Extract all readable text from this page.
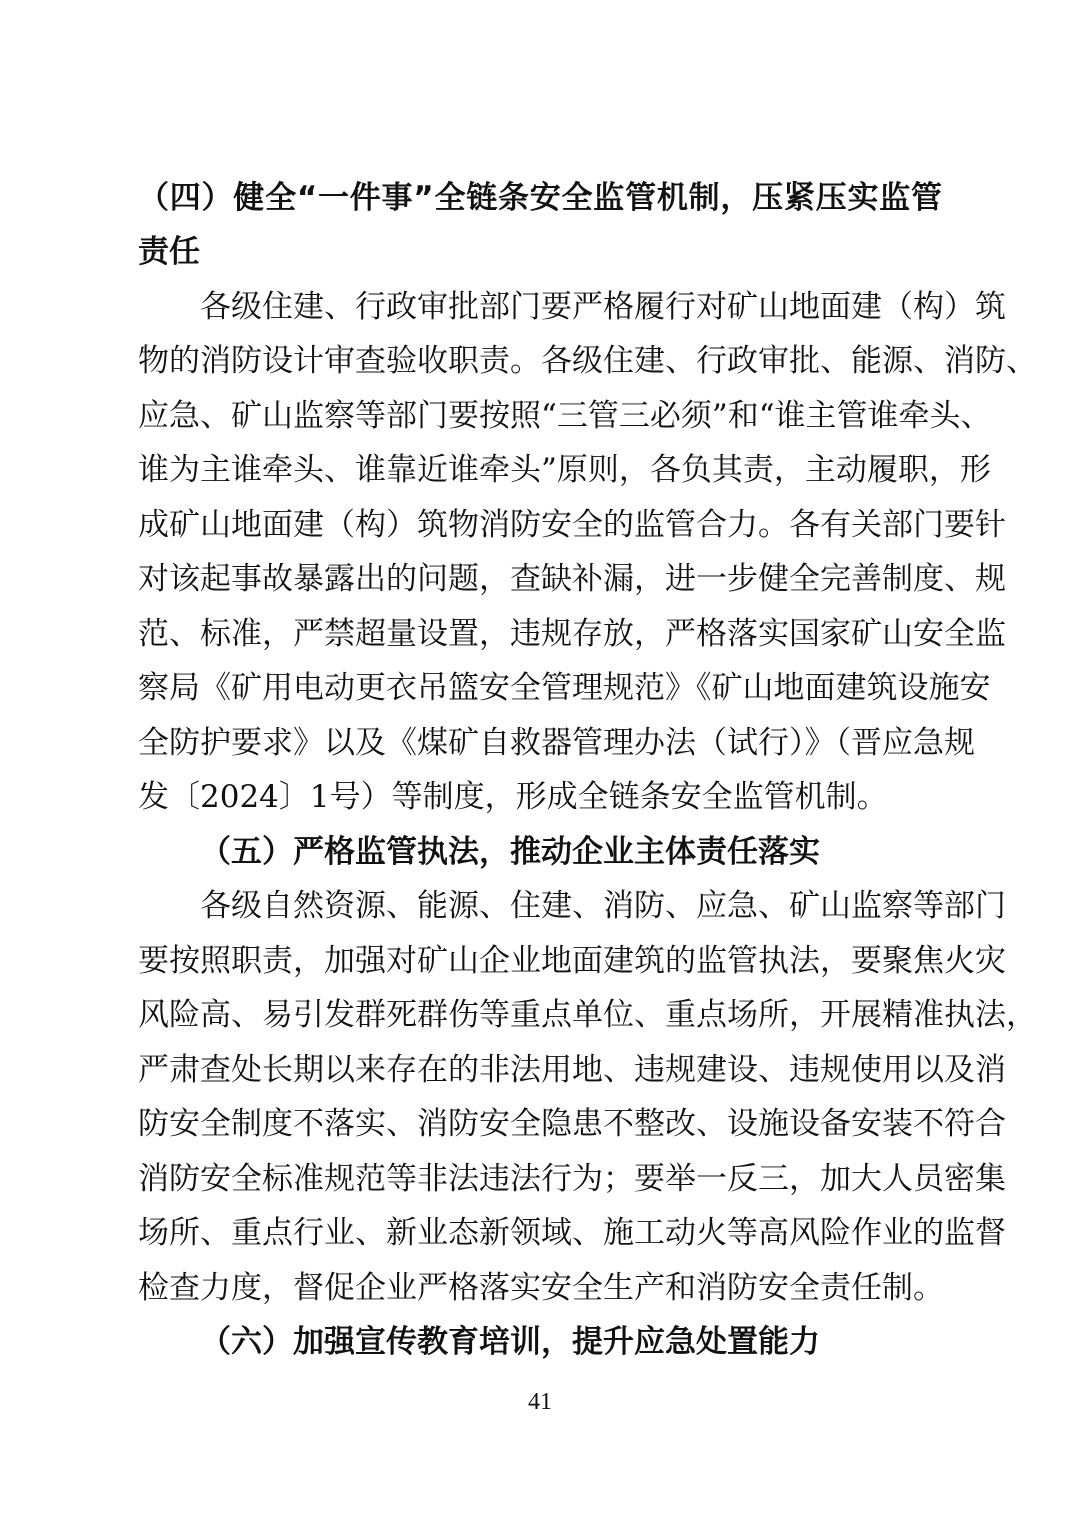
（四）健全“一件事”全链条安全监管机制，压紧压实监管
责任
各级住建、行政审批部门要严格履行对矿山地面建（构）筑
物的消防设计审查验收职责。各级住建、行政审批、能源、消防、
应急、矿山监察等部门要按照“三管三必须”和“谁主管谁牵头、
谁为主谁牵头、谁靠近谁牵头”原则，各负其责，主动履职，形
成矿山地面建（构）筑物消防安全的监管合力。各有关部门要针
对该起事故暴露出的问题，查缺补漏，进一步健全完善制度、规
范、标准，严禁超量设置，违规存放，严格落实国家矿山安全监
察局《矿用电动更衣吊篮安全管理规范》《矿山地面建筑设施安
全防护要求》以及《煤矿自救器管理办法（试行）》（晋应急规
发〔2024〕1号）等制度，形成全链条安全监管机制。
（五）严格监管执法，推动企业主体责任落实
各级自然资源、能源、住建、消防、应急、矿山监察等部门
要按照职责，加强对矿山企业地面建筑的监管执法，要聚焦火灾
风险高、易引发群死群伤等重点单位、重点场所，开展精准执法，
严肃查处长期以来存在的非法用地、违规建设、违规使用以及消
防安全制度不落实、消防安全隐患不整改、设施设备安装不符合
消防安全标准规范等非法违法行为；要举一反三，加大人员密集
场所、重点行业、新业态新领域、施工动火等高风险作业的监督
检查力度，督促企业严格落实安全生产和消防安全责任制。
（六）加强宣传教育培训，提升应急处置能力
41
